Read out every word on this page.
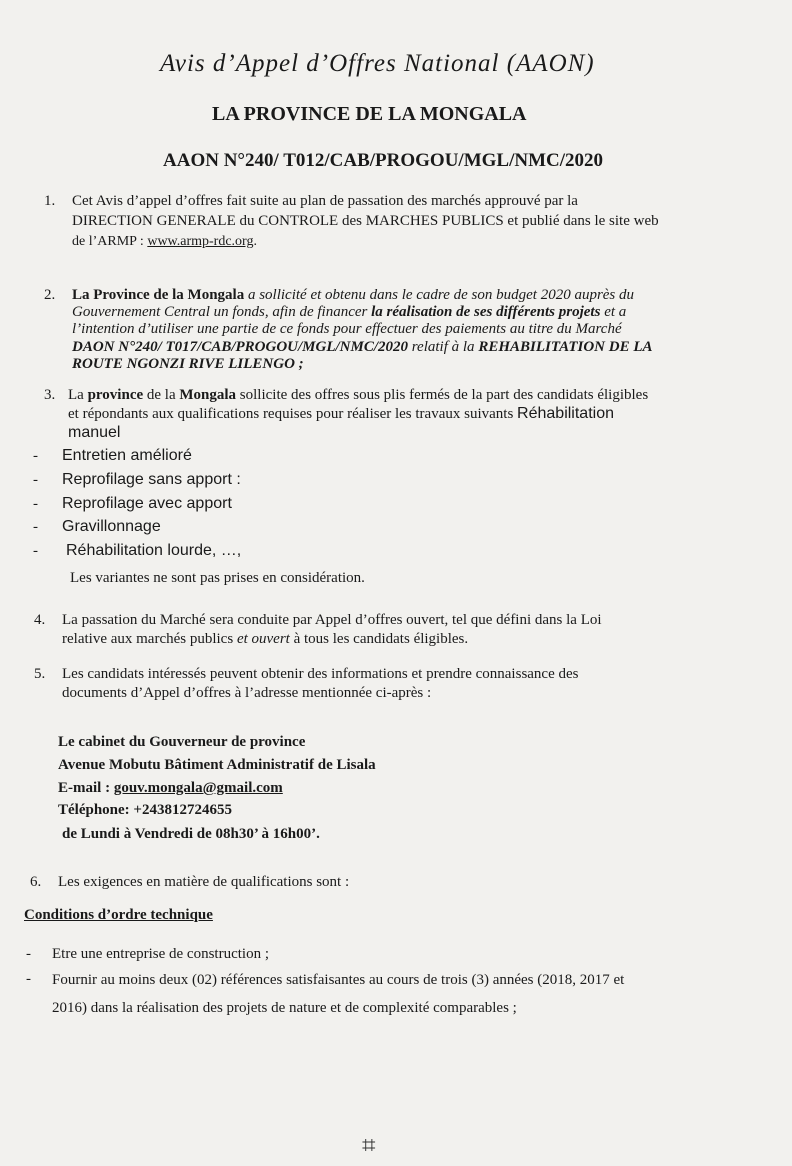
Avis d’Appel d’Offres National (AAON)
LA PROVINCE DE LA MONGALA
AAON N°240/ T012/CAB/PROGOU/MGL/NMC/2020
1. Cet Avis d’appel d’offres fait suite au plan de passation des marchés approuvé par la
DIRECTION GENERALE du CONTROLE des MARCHES PUBLICS et publié dans le site web
de l’ARMP : www.armp-rdc.org.
2. La Province de la Mongala a sollicité et obtenu dans le cadre de son budget 2020 auprès du
Gouvernement Central un fonds, afin de financer la réalisation de ses différents projets et a
l’intention d’utiliser une partie de ce fonds pour effectuer des paiements au titre du Marché
DAON N°240/ T017/CAB/PROGOU/MGL/NMC/2020 relatif à la REHABILITATION DE LA
ROUTE NGONZI RIVE LILENGO ;
3. La province de la Mongala sollicite des offres sous plis fermés de la part des candidats éligibles
et répondants aux qualifications requises pour réaliser les travaux suivants Réhabilitation
manuel
- Entretien amélioré
- Reprofilage sans apport :
- Reprofilage avec apport
- Gravillonnage
- Réhabilitation lourde, …,
Les variantes ne sont pas prises en considération.
4. La passation du Marché sera conduite par Appel d’offres ouvert, tel que défini dans la Loi
relative aux marchés publics et ouvert à tous les candidats éligibles.
5. Les candidats intéressés peuvent obtenir des informations et prendre connaissance des
documents d’Appel d’offres à l’adresse mentionnée ci-après :
Le cabinet du Gouverneur de province
Avenue Mobutu Bâtiment Administratif de Lisala
E-mail : gouv.mongala@gmail.com
Téléphone: +243812724655
de Lundi à Vendredi de 08h30’ à 16h00’.
6. Les exigences en matière de qualifications sont :
Conditions d’ordre technique
- Etre une entreprise de construction ;
- Fournir au moins deux (02) références satisfaisantes au cours de trois (3) années (2018, 2017 et
2016) dans la réalisation des projets de nature et de complexité comparables ;
⌗
